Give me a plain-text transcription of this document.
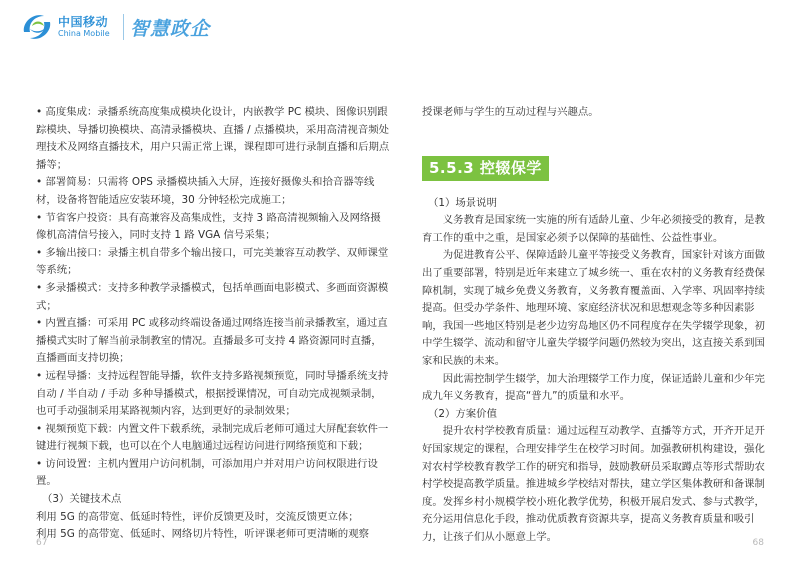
中国移动
China Mobile 智慧政企

• 高度集成：录播系统高度集成模块化设计，内嵌教学 PC 模块、图像识别跟踪模块、导播切换模块、高清录播模块、直播 / 点播模块，采用高清视音频处理技术及网络直播技术，用户只需正常上课，课程即可进行录制直播和后期点播等；

• 部署简易：只需将 OPS 录播模块插入大屏，连接好摄像头和拾音器等线材，设备将智能适应安装环境，30 分钟轻松完成施工；

• 节省客户投资：具有高兼容及高集成性，支持 3 路高清视频输入及网络摄像机高清信号接入，同时支持 1 路 VGA 信号采集；

• 多输出接口：录播主机自带多个输出接口，可完美兼容互动教学、双师课堂等系统；

• 多录播模式：支持多种教学录播模式，包括单画面电影模式、多画面资源模式；

• 内置直播：可采用 PC 或移动终端设备通过网络连接当前录播教室，通过直播模式实时了解当前录制教室的情况。直播最多可支持 4 路资源同时直播，直播画面支持切换；

• 远程导播：支持远程智能导播，软件支持多路视频预览，同时导播系统支持自动 / 半自动 / 手动 多种导播模式，根据授课情况，可自动完成视频录制，也可手动强制采用某路视频内容，达到更好的录制效果；

• 视频预览下载：内置文件下载系统，录制完成后老师可通过大屏配套软件一键进行视频下载，也可以在个人电脑通过远程访问进行网络预览和下载；

• 访问设置：主机内置用户访问机制，可添加用户并对用户访问权限进行设置。

（3）关键技术点

利用 5G 的高带宽、低延时特性，评价反馈更及时，交流反馈更立体；

利用 5G 的高带宽、低延时、网络切片特性，听评课老师可更清晰的观察

授课老师与学生的互动过程与兴趣点。

5.5.3 控辍保学

（1）场景说明

义务教育是国家统一实施的所有适龄儿童、少年必须接受的教育，是教育工作的重中之重，是国家必须予以保障的基础性、公益性事业。

为促进教育公平、保障适龄儿童平等接受义务教育，国家针对该方面做出了重要部署，特别是近年来建立了城乡统一、重在农村的义务教育经费保障机制，实现了城乡免费义务教育，义务教育覆盖面、入学率、巩固率持续提高。但受办学条件、地理环境、家庭经济状况和思想观念等多种因素影响，我国一些地区特别是老少边穷岛地区仍不同程度存在失学辍学现象，初中学生辍学、流动和留守儿童失学辍学问题仍然较为突出，这直接关系到国家和民族的未来。

因此需控制学生辍学，加大治理辍学工作力度，保证适龄儿童和少年完成九年义务教育，提高“普九”的质量和水平。

（2）方案价值

提升农村学校教育质量：通过远程互动教学、直播等方式，开齐开足开好国家规定的课程，合理安排学生在校学习时间。加强教研机构建设，强化对农村学校教育教学工作的研究和指导，鼓励教研员采取蹲点等形式帮助农村学校提高教学质量。推进城乡学校结对帮扶，建立学区集体教研和备课制度。发挥乡村小规模学校小班化教学优势，积极开展启发式、参与式教学，充分运用信息化手段，推动优质教育资源共享，提高义务教育质量和吸引力，让孩子们从小愿意上学。

67	68
